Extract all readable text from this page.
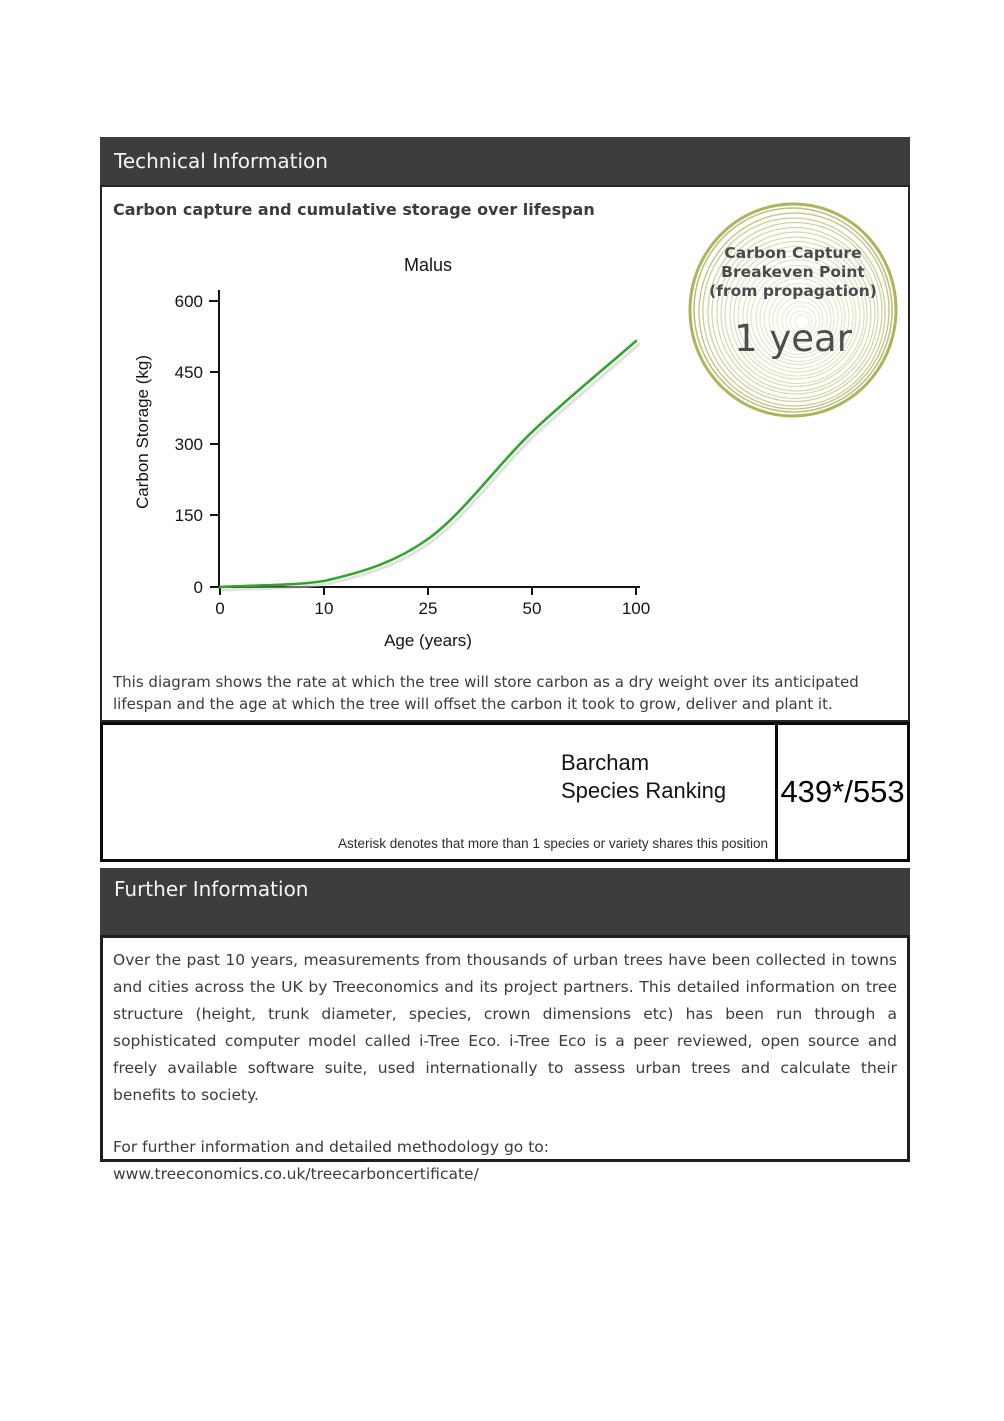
Technical Information
Carbon capture and cumulative storage over lifespan
Malus
600
450
300
150
0
0	10	25	50	100
Age (years)
Carbon Storage (kg)
Carbon Capture
Breakeven Point
(from propagation)
1 year
This diagram shows the rate at which the tree will store carbon as a dry weight over its anticipated
lifespan and the age at which the tree will offset the carbon it took to grow, deliver and plant it.
Barcham
Species Ranking
Asterisk denotes that more than 1 species or variety shares this position
439*/553
Further Information
Over the past 10 years, measurements from thousands of urban trees have been collected in towns and cities across the UK by Treeconomics and its project partners. This detailed information on tree structure (height, trunk diameter, species, crown dimensions etc) has been run through a sophisticated computer model called i-Tree Eco. i-Tree Eco is a peer reviewed, open source and freely available software suite, used internationally to assess urban trees and calculate their benefits to society.
For further information and detailed methodology go to: www.treeconomics.co.uk/treecarboncertificate/
